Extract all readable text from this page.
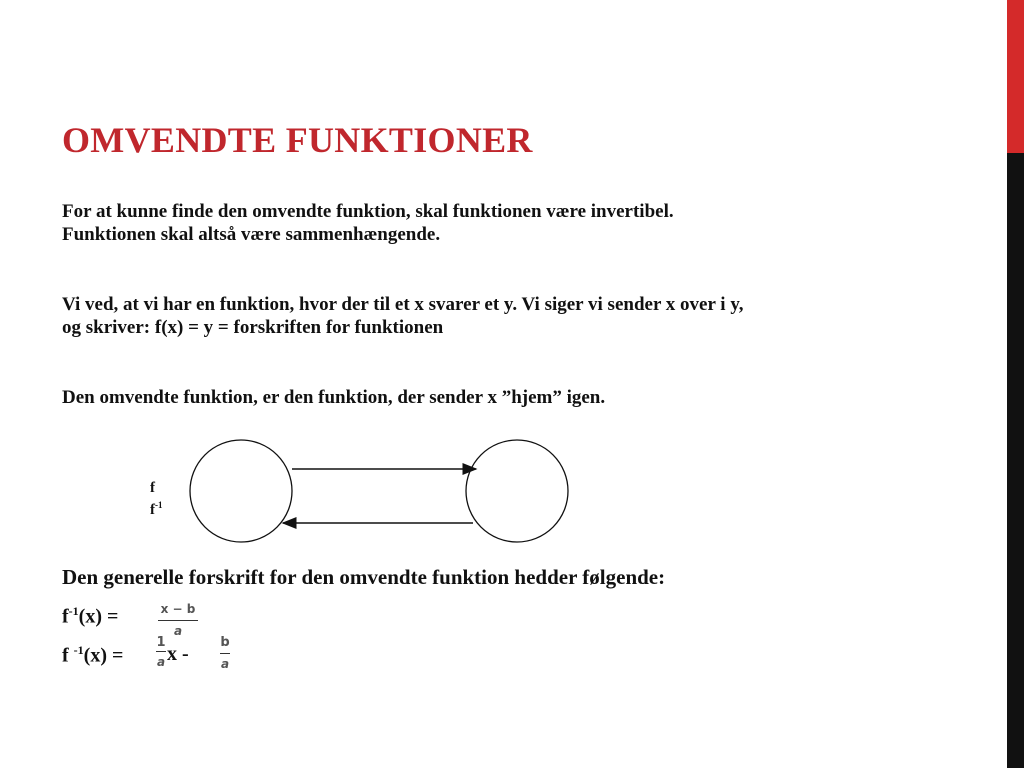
OMVENDTE FUNKTIONER
For at kunne finde den omvendte funktion, skal funktionen være invertibel.
Funktionen skal altså være sammenhængende.
Vi ved, at vi har en funktion, hvor der til et x svarer et y. Vi siger vi sender x over i y,
og skriver: f(x) = y = forskriften for funktionen
Den omvendte funktion, er den funktion, der sender x ”hjem” igen.
f
$f^{-1}$
Den generelle forskrift for den omvendte funktion hedder følgende:
$f^{-1}(x)$ =	x − b
a
f $^{-1}$(x) =
1
a x -
b
a
